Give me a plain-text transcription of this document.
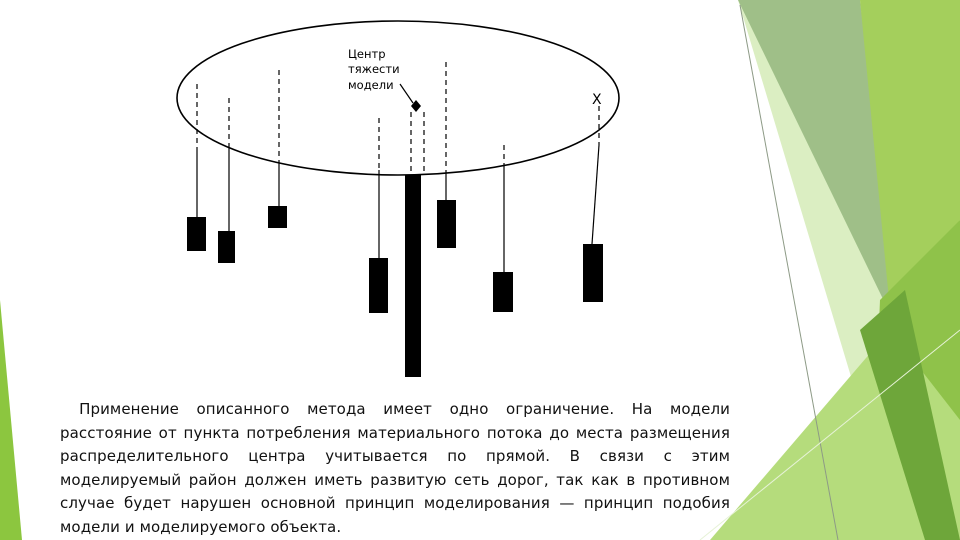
Центр
тяжести
модели
Х
Применение описанного метода имеет одно ограничение. На модели расстояние от пункта потребления материального потока до места размещения распределительного центра учитывается по прямой. В связи с этим моделируемый район должен иметь развитую сеть дорог, так как в противном случае будет нарушен основной принцип моделирования — принцип подобия модели и моделируемого объекта.
